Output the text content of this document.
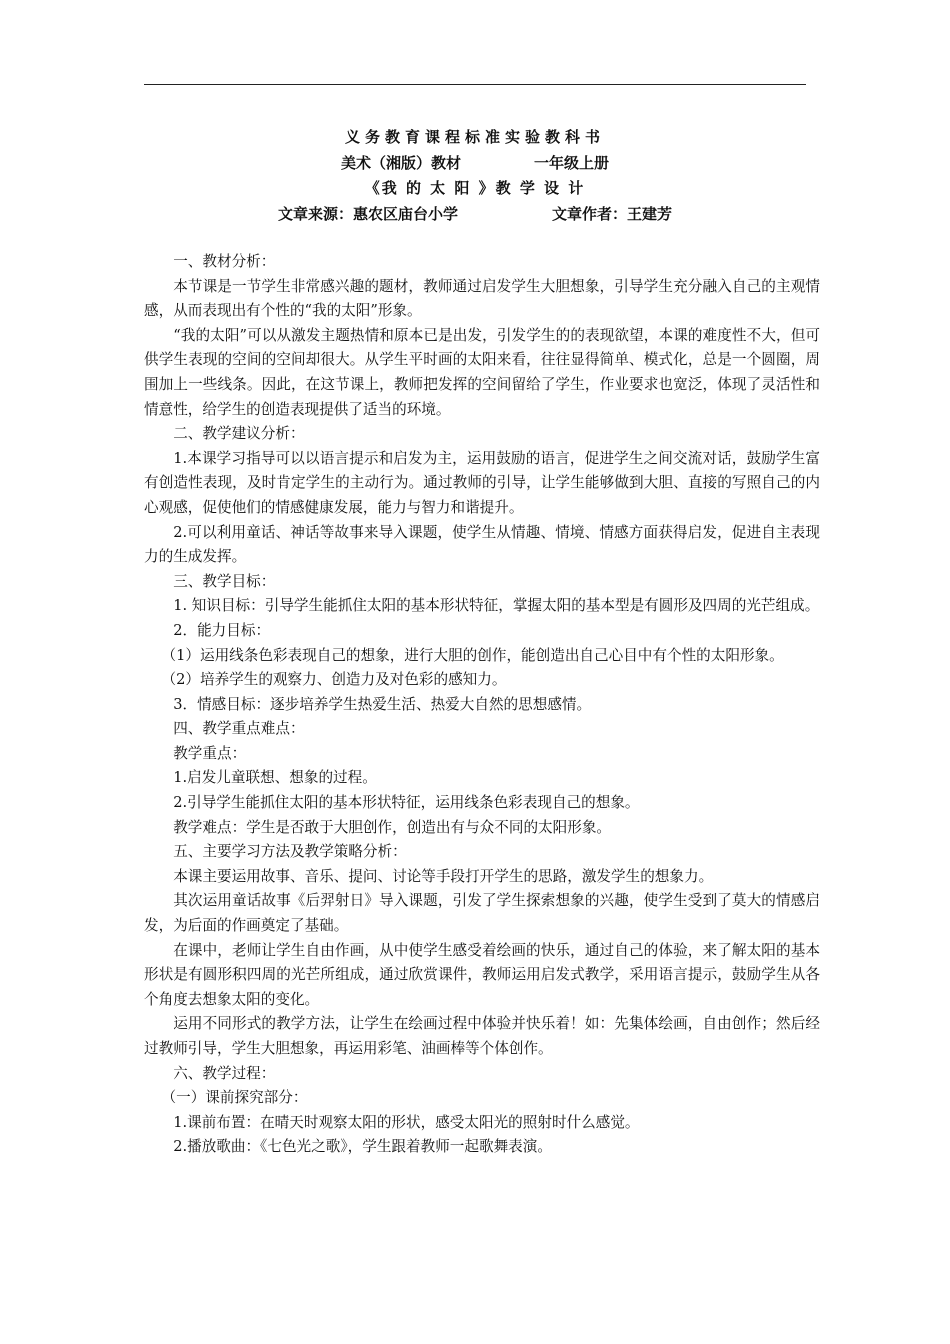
义务教育课程标准实验教科书
美术（湘版）教材              一年级上册
《我 的 太 阳 》教 学 设 计
文章来源：惠农区庙台小学                  文章作者：王建芳

一、教材分析：

本节课是一节学生非常感兴趣的题材，教师通过启发学生大胆想象，引导学生充分融入自己的主观情感，从而表现出有个性的“我的太阳”形象。

“我的太阳”可以从激发主题热情和原本已是出发，引发学生的的表现欲望，本课的难度性不大，但可供学生表现的空间的空间却很大。从学生平时画的太阳来看，往往显得简单、模式化，总是一个圆圈，周围加上一些线条。因此，在这节课上，教师把发挥的空间留给了学生，作业要求也宽泛，体现了灵活性和情意性，给学生的创造表现提供了适当的环境。

二、教学建议分析：

1.本课学习指导可以以语言提示和启发为主，运用鼓励的语言，促进学生之间交流对话，鼓励学生富有创造性表现，及时肯定学生的主动行为。通过教师的引导，让学生能够做到大胆、直接的写照自己的内心观感，促使他们的情感健康发展，能力与智力和谐提升。

2.可以利用童话、神话等故事来导入课题，使学生从情趣、情境、情感方面获得启发，促进自主表现力的生成发挥。

三、教学目标：

1. 知识目标：引导学生能抓住太阳的基本形状特征，掌握太阳的基本型是有圆形及四周的光芒组成。

2．能力目标：

（1）运用线条色彩表现自己的想象，进行大胆的创作，能创造出自己心目中有个性的太阳形象。

（2）培养学生的观察力、创造力及对色彩的感知力。

3．情感目标：逐步培养学生热爱生活、热爱大自然的思想感情。

四、教学重点难点：

教学重点：

1.启发儿童联想、想象的过程。

2.引导学生能抓住太阳的基本形状特征，运用线条色彩表现自己的想象。

教学难点：学生是否敢于大胆创作，创造出有与众不同的太阳形象。

五、主要学习方法及教学策略分析：

本课主要运用故事、音乐、提问、讨论等手段打开学生的思路，激发学生的想象力。

其次运用童话故事《后羿射日》导入课题，引发了学生探索想象的兴趣，使学生受到了莫大的情感启发，为后面的作画奠定了基础。

在课中，老师让学生自由作画，从中使学生感受着绘画的快乐，通过自己的体验，来了解太阳的基本形状是有圆形积四周的光芒所组成，通过欣赏课件，教师运用启发式教学，采用语言提示，鼓励学生从各个角度去想象太阳的变化。

运用不同形式的教学方法，让学生在绘画过程中体验并快乐着！如：先集体绘画，自由创作；然后经过教师引导，学生大胆想象，再运用彩笔、油画棒等个体创作。

六、教学过程：

（一）课前探究部分：

1.课前布置：在晴天时观察太阳的形状，感受太阳光的照射时什么感觉。

2.播放歌曲：《七色光之歌》，学生跟着教师一起歌舞表演。
